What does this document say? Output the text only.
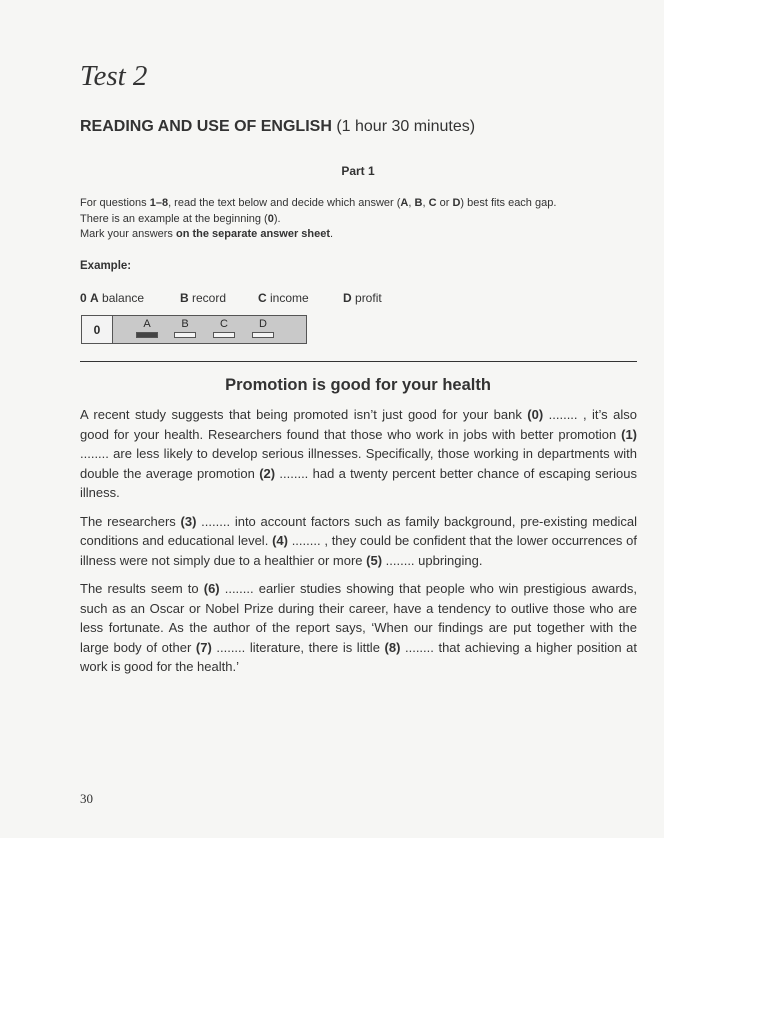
Test 2
READING AND USE OF ENGLISH (1 hour 30 minutes)
Part 1
For questions 1–8, read the text below and decide which answer (A, B, C or D) best fits each gap.
There is an example at the beginning (0).
Mark your answers on the separate answer sheet.
Example:
0 A balance	B record	C income	D profit
0	A	B	C	D
Promotion is good for your health

A recent study suggests that being promoted isn’t just good for your bank (0) ........ , it’s also good for your health. Researchers found that those who work in jobs with better promotion (1) ........ are less likely to develop serious illnesses. Specifically, those working in departments with double the average promotion (2) ........ had a twenty percent better chance of escaping serious illness.

The researchers (3) ........ into account factors such as family background, pre-existing medical conditions and educational level. (4) ........ , they could be confident that the lower occurrences of illness were not simply due to a healthier or more (5) ........ upbringing.

The results seem to (6) ........ earlier studies showing that people who win prestigious awards, such as an Oscar or Nobel Prize during their career, have a tendency to outlive those who are less fortunate. As the author of the report says, ‘When our findings are put together with the large body of other (7) ........ literature, there is little (8) ........ that achieving a higher position at work is good for the health.’

30
